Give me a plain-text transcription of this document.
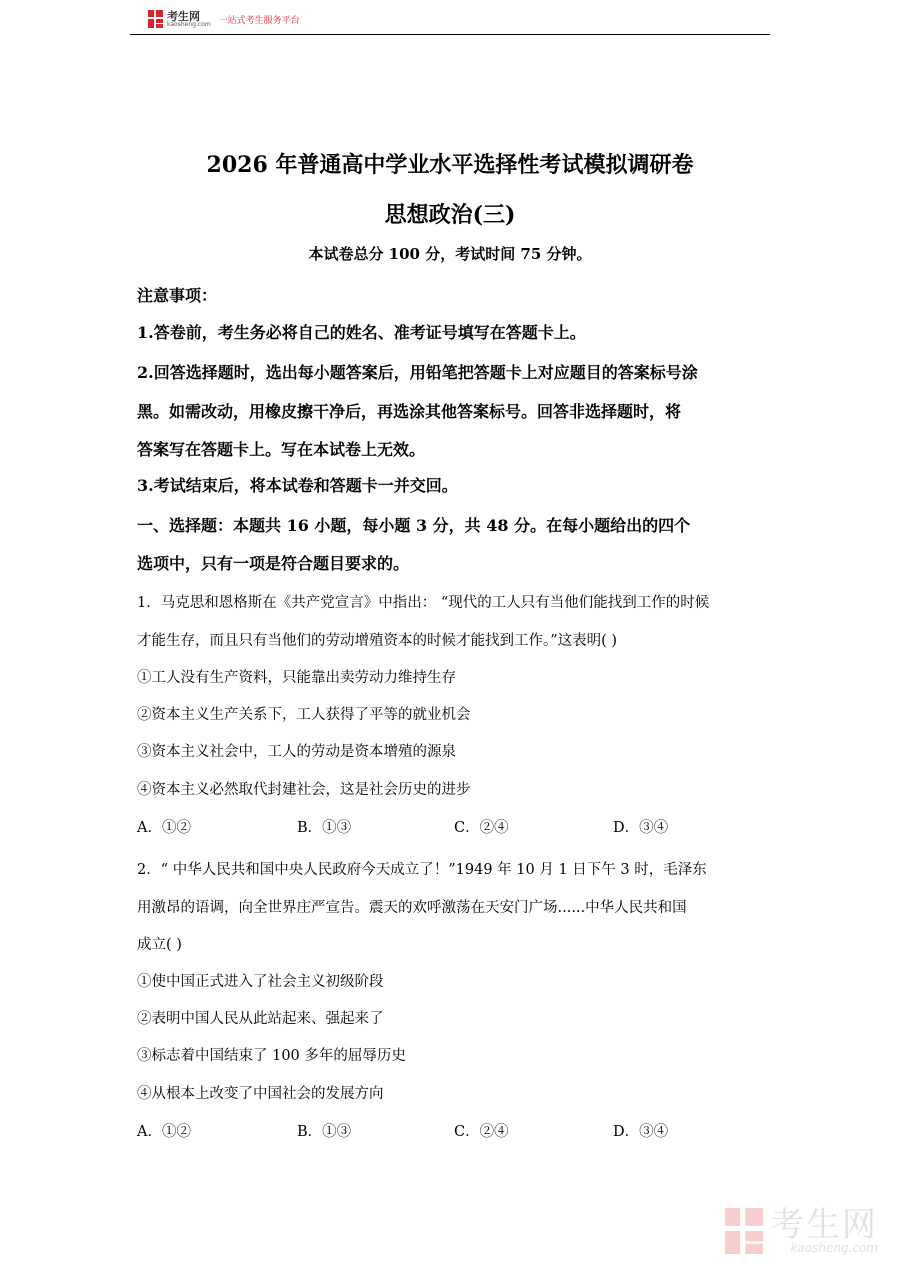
考生网
kaosheng.com 一站式考生服务平台
2026 年普通高中学业水平选择性考试模拟调研卷
思想政治(三)
本试卷总分 100 分，考试时间 75 分钟。
注意事项：
1.答卷前，考生务必将自己的姓名、准考证号填写在答题卡上。
2.回答选择题时，选出每小题答案后，用铅笔把答题卡上对应题目的答案标号涂
黑。如需改动，用橡皮擦干净后，再选涂其他答案标号。回答非选择题时，将
答案写在答题卡上。写在本试卷上无效。
3.考试结束后，将本试卷和答题卡一并交回。
一、选择题：本题共 16 小题，每小题 3 分，共 48 分。在每小题给出的四个
选项中，只有一项是符合题目要求的。
1．马克思和恩格斯在《共产党宣言》中指出： “现代的工人只有当他们能找到工作的时候
才能生存，而且只有当他们的劳动增殖资本的时候才能找到工作。”这表明( )
①工人没有生产资料，只能靠出卖劳动力维持生存
②资本主义生产关系下，工人获得了平等的就业机会
③资本主义社会中，工人的劳动是资本增殖的源泉
④资本主义必然取代封建社会，这是社会历史的进步
A．①②	B．①③	C．②④	D．③④
2．“ 中华人民共和国中央人民政府今天成立了！”1949 年 10 月 1 日下午 3 时，毛泽东
用激昂的语调，向全世界庄严宣告。震天的欢呼激荡在天安门广场......中华人民共和国
成立( )
①使中国正式进入了社会主义初级阶段
②表明中国人民从此站起来、强起来了
③标志着中国结束了 100 多年的屈辱历史
④从根本上改变了中国社会的发展方向
A．①②	B．①③	C．②④	D．③④
考生网
kaosheng.com
